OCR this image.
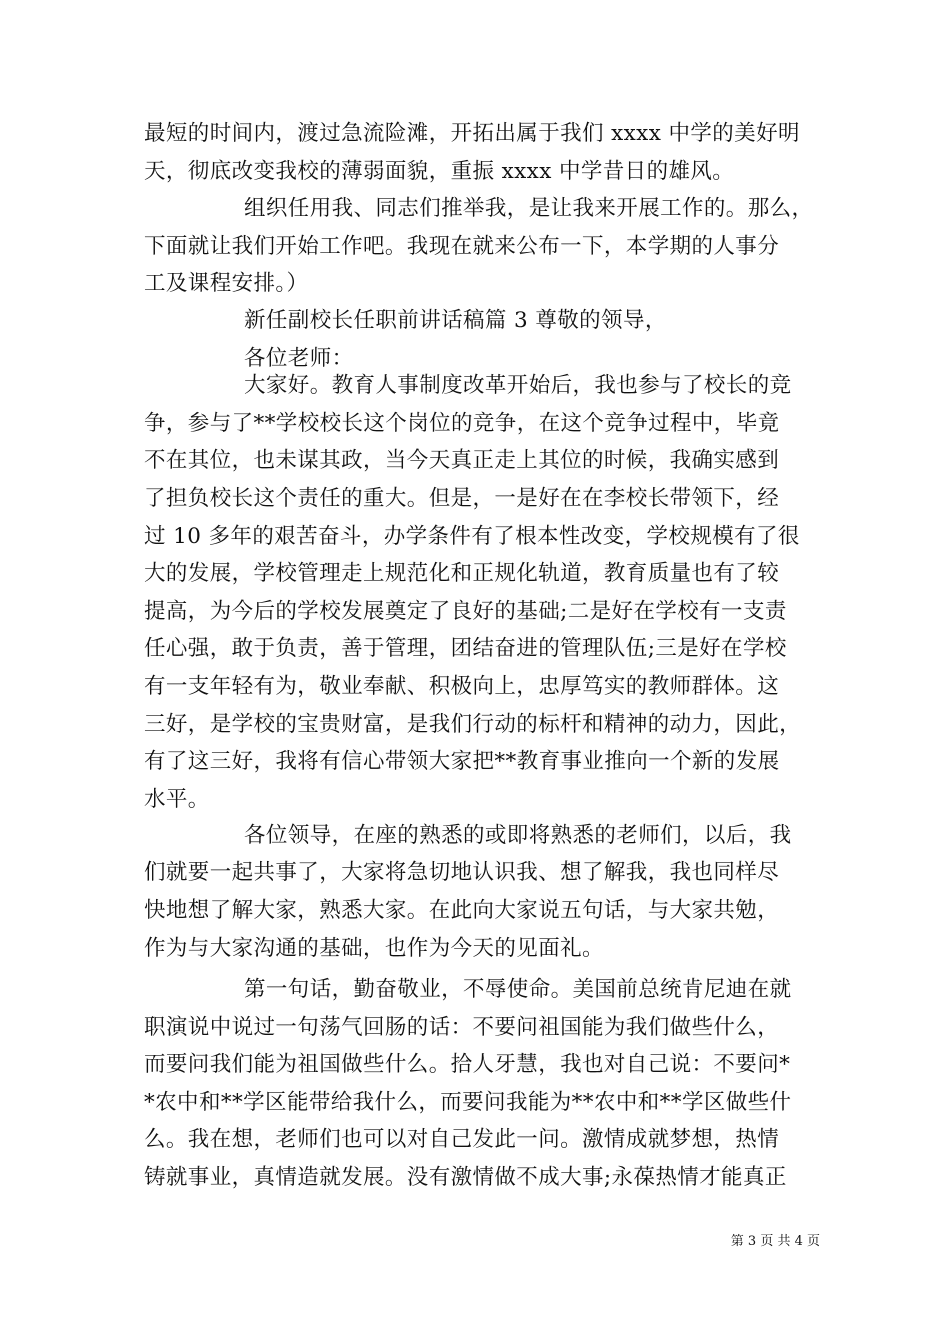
最短的时间内，渡过急流险滩，开拓出属于我们 xxxx 中学的美好明
天，彻底改变我校的薄弱面貌，重振 xxxx 中学昔日的雄风。
组织任用我、同志们推举我，是让我来开展工作的。那么，
下面就让我们开始工作吧。我现在就来公布一下，本学期的人事分
工及课程安排。）
新任副校长任职前讲话稿篇 3 尊敬的领导，
各位老师：
大家好。教育人事制度改革开始后，我也参与了校长的竞
争，参与了**学校校长这个岗位的竞争，在这个竞争过程中，毕竟
不在其位，也未谋其政，当今天真正走上其位的时候，我确实感到
了担负校长这个责任的重大。但是，一是好在在李校长带领下，经
过 10 多年的艰苦奋斗，办学条件有了根本性改变，学校规模有了很
大的发展，学校管理走上规范化和正规化轨道，教育质量也有了较
提高，为今后的学校发展奠定了良好的基础;二是好在学校有一支责
任心强，敢于负责，善于管理，团结奋进的管理队伍;三是好在学校
有一支年轻有为，敬业奉献、积极向上，忠厚笃实的教师群体。这
三好，是学校的宝贵财富，是我们行动的标杆和精神的动力，因此，
有了这三好，我将有信心带领大家把**教育事业推向一个新的发展
水平。
各位领导，在座的熟悉的或即将熟悉的老师们，以后，我
们就要一起共事了，大家将急切地认识我、想了解我，我也同样尽
快地想了解大家，熟悉大家。在此向大家说五句话，与大家共勉，
作为与大家沟通的基础，也作为今天的见面礼。
第一句话，勤奋敬业，不辱使命。美国前总统肯尼迪在就
职演说中说过一句荡气回肠的话：不要问祖国能为我们做些什么，
而要问我们能为祖国做些什么。拾人牙慧，我也对自己说：不要问*
*农中和**学区能带给我什么，而要问我能为**农中和**学区做些什
么。我在想，老师们也可以对自己发此一问。激情成就梦想，热情
铸就事业，真情造就发展。没有激情做不成大事;永葆热情才能真正
第 3 页 共 4 页
